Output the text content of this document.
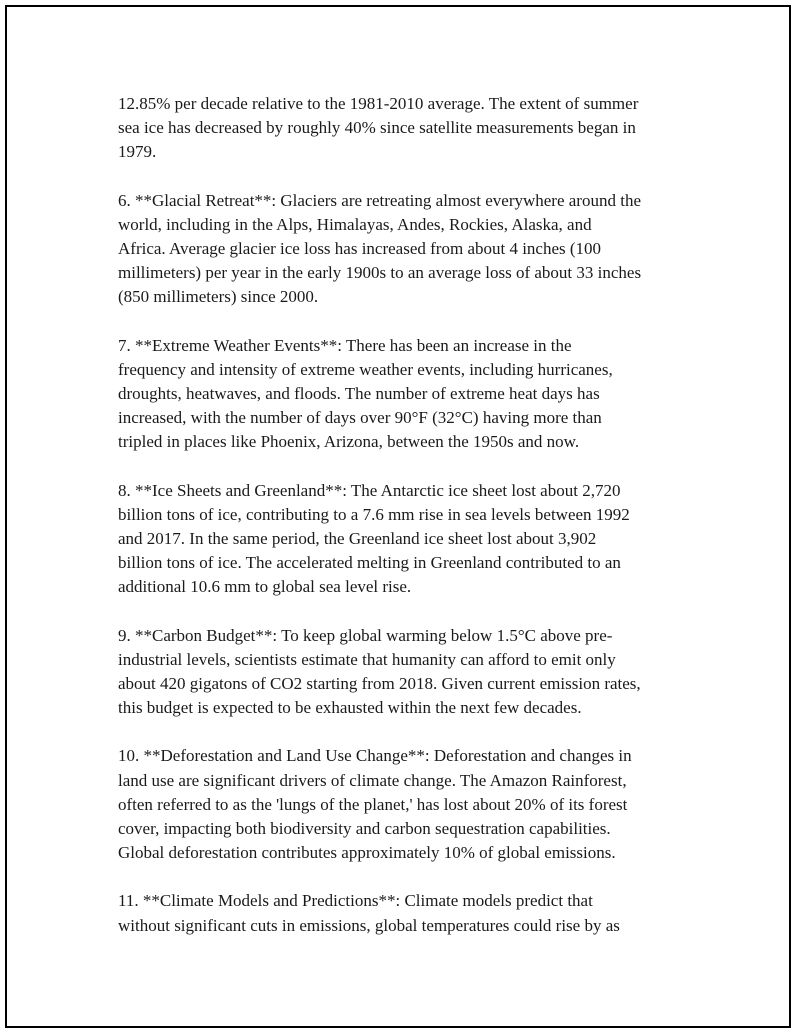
12.85% per decade relative to the 1981-2010 average. The extent of summer
sea ice has decreased by roughly 40% since satellite measurements began in
1979.

6. **Glacial Retreat**: Glaciers are retreating almost everywhere around the
world, including in the Alps, Himalayas, Andes, Rockies, Alaska, and
Africa. Average glacier ice loss has increased from about 4 inches (100
millimeters) per year in the early 1900s to an average loss of about 33 inches
(850 millimeters) since 2000.

7. **Extreme Weather Events**: There has been an increase in the
frequency and intensity of extreme weather events, including hurricanes,
droughts, heatwaves, and floods. The number of extreme heat days has
increased, with the number of days over 90°F (32°C) having more than
tripled in places like Phoenix, Arizona, between the 1950s and now.

8. **Ice Sheets and Greenland**: The Antarctic ice sheet lost about 2,720
billion tons of ice, contributing to a 7.6 mm rise in sea levels between 1992
and 2017. In the same period, the Greenland ice sheet lost about 3,902
billion tons of ice. The accelerated melting in Greenland contributed to an
additional 10.6 mm to global sea level rise.

9. **Carbon Budget**: To keep global warming below 1.5°C above pre-
industrial levels, scientists estimate that humanity can afford to emit only
about 420 gigatons of CO2 starting from 2018. Given current emission rates,
this budget is expected to be exhausted within the next few decades.

10. **Deforestation and Land Use Change**: Deforestation and changes in
land use are significant drivers of climate change. The Amazon Rainforest,
often referred to as the 'lungs of the planet,' has lost about 20% of its forest
cover, impacting both biodiversity and carbon sequestration capabilities.
Global deforestation contributes approximately 10% of global emissions.

11. **Climate Models and Predictions**: Climate models predict that
without significant cuts in emissions, global temperatures could rise by as
